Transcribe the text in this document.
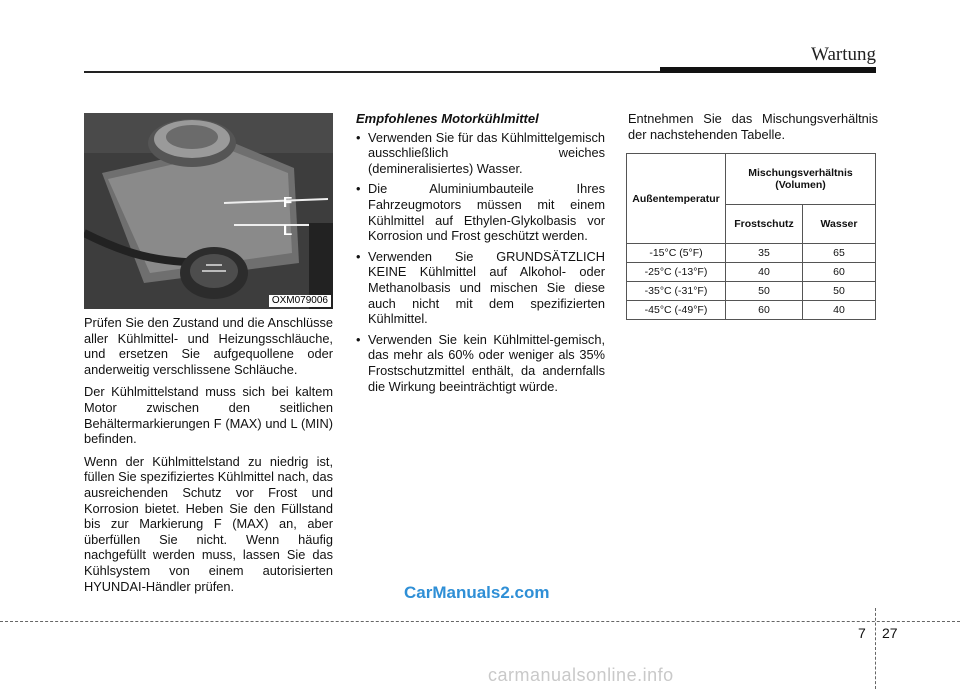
Wartung
F
L
OXM079006

Prüfen Sie den Zustand und die Anschlüsse aller Kühlmittel- und Heizungsschläuche, und ersetzen Sie aufgequollene oder anderweitig verschlissene Schläuche.

Der Kühlmittelstand muss sich bei kaltem Motor zwischen den seitlichen Behältermarkierungen F (MAX) und L (MIN) befinden.

Wenn der Kühlmittelstand zu niedrig ist, füllen Sie spezifiziertes Kühlmittel nach, das ausreichenden Schutz vor Frost und Korrosion bietet. Heben Sie den Füllstand bis zur Markierung F (MAX) an, aber überfüllen Sie nicht. Wenn häufig nachgefüllt werden muss, lassen Sie das Kühlsystem von einem autorisierten HYUNDAI-Händler prüfen.

Empfohlenes Motorkühlmittel
• Verwenden Sie für das Kühlmittelgemisch ausschließlich weiches (demineralisiertes) Wasser.
• Die Aluminiumbauteile Ihres Fahrzeugmotors müssen mit einem Kühlmittel auf Ethylen-Glykolbasis vor Korrosion und Frost geschützt werden.
• Verwenden Sie GRUNDSÄTZLICH KEINE Kühlmittel auf Alkohol- oder Methanolbasis und mischen Sie diese auch nicht mit dem spezifizierten Kühlmittel.
• Verwenden Sie kein Kühlmittel-gemisch, das mehr als 60% oder weniger als 35% Frostschutzmittel enthält, da andernfalls die Wirkung beeinträchtigt würde.

Entnehmen Sie das Mischungsverhältnis der nachstehenden Tabelle.

Außentemperatur	Mischungsverhältnis (Volumen)	
	Frostschutz	Wasser
-15°C (5°F)	35	65
-25°C (-13°F)	40	60
-35°C (-31°F)	50	50
-45°C (-49°F)	60	40
CarManuals2.com
7 27
carmanualsonline.info
